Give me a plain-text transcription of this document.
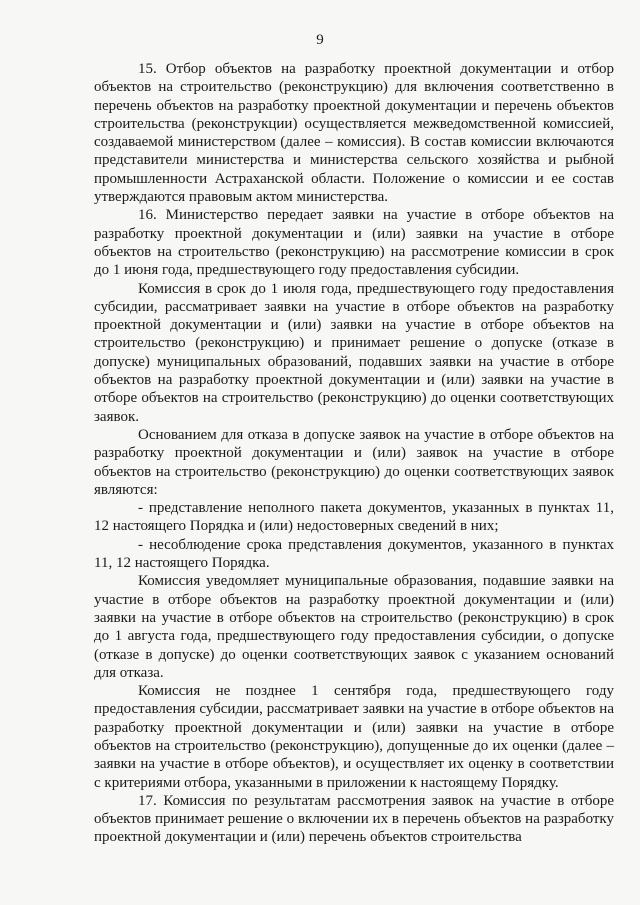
9

15. Отбор объектов на разработку проектной документации и отбор объектов на строительство (реконструкцию) для включения соответственно в перечень объектов на разработку проектной документации и перечень объектов строительства (реконструкции) осуществляется межведомственной комиссией, создаваемой министерством (далее – комиссия). В состав комиссии включаются представители министерства и министерства сельского хозяйства и рыбной промышленности Астраханской области. Положение о комиссии и ее состав утверждаются правовым актом министерства.

16. Министерство передает заявки на участие в отборе объектов на разработку проектной документации и (или) заявки на участие в отборе объектов на строительство (реконструкцию) на рассмотрение комиссии в срок до 1 июня года, предшествующего году предоставления субсидии.

Комиссия в срок до 1 июля года, предшествующего году предоставления субсидии, рассматривает заявки на участие в отборе объектов на разработку проектной документации и (или) заявки на участие в отборе объектов на строительство (реконструкцию) и принимает решение о допуске (отказе в допуске) муниципальных образований, подавших заявки на участие в отборе объектов на разработку проектной документации и (или) заявки на участие в отборе объектов на строительство (реконструкцию) до оценки соответствующих заявок.

Основанием для отказа в допуске заявок на участие в отборе объектов на разработку проектной документации и (или) заявок на участие в отборе объектов на строительство (реконструкцию) до оценки соответствующих заявок являются:

- представление неполного пакета документов, указанных в пунктах 11, 12 настоящего Порядка и (или) недостоверных сведений в них;

- несоблюдение срока представления документов, указанного в пунктах 11, 12 настоящего Порядка.

Комиссия уведомляет муниципальные образования, подавшие заявки на участие в отборе объектов на разработку проектной документации и (или) заявки на участие в отборе объектов на строительство (реконструкцию) в срок до 1 августа года, предшествующего году предоставления субсидии, о допуске (отказе в допуске) до оценки соответствующих заявок с указанием оснований для отказа.

Комиссия не позднее 1 сентября года, предшествующего году предоставления субсидии, рассматривает заявки на участие в отборе объектов на разработку проектной документации и (или) заявки на участие в отборе объектов на строительство (реконструкцию), допущенные до их оценки (далее – заявки на участие в отборе объектов), и осуществляет их оценку в соответствии с критериями отбора, указанными в приложении к настоящему Порядку.

17. Комиссия по результатам рассмотрения заявок на участие в отборе объектов принимает решение о включении их в перечень объектов на разработку проектной документации и (или) перечень объектов строительства
